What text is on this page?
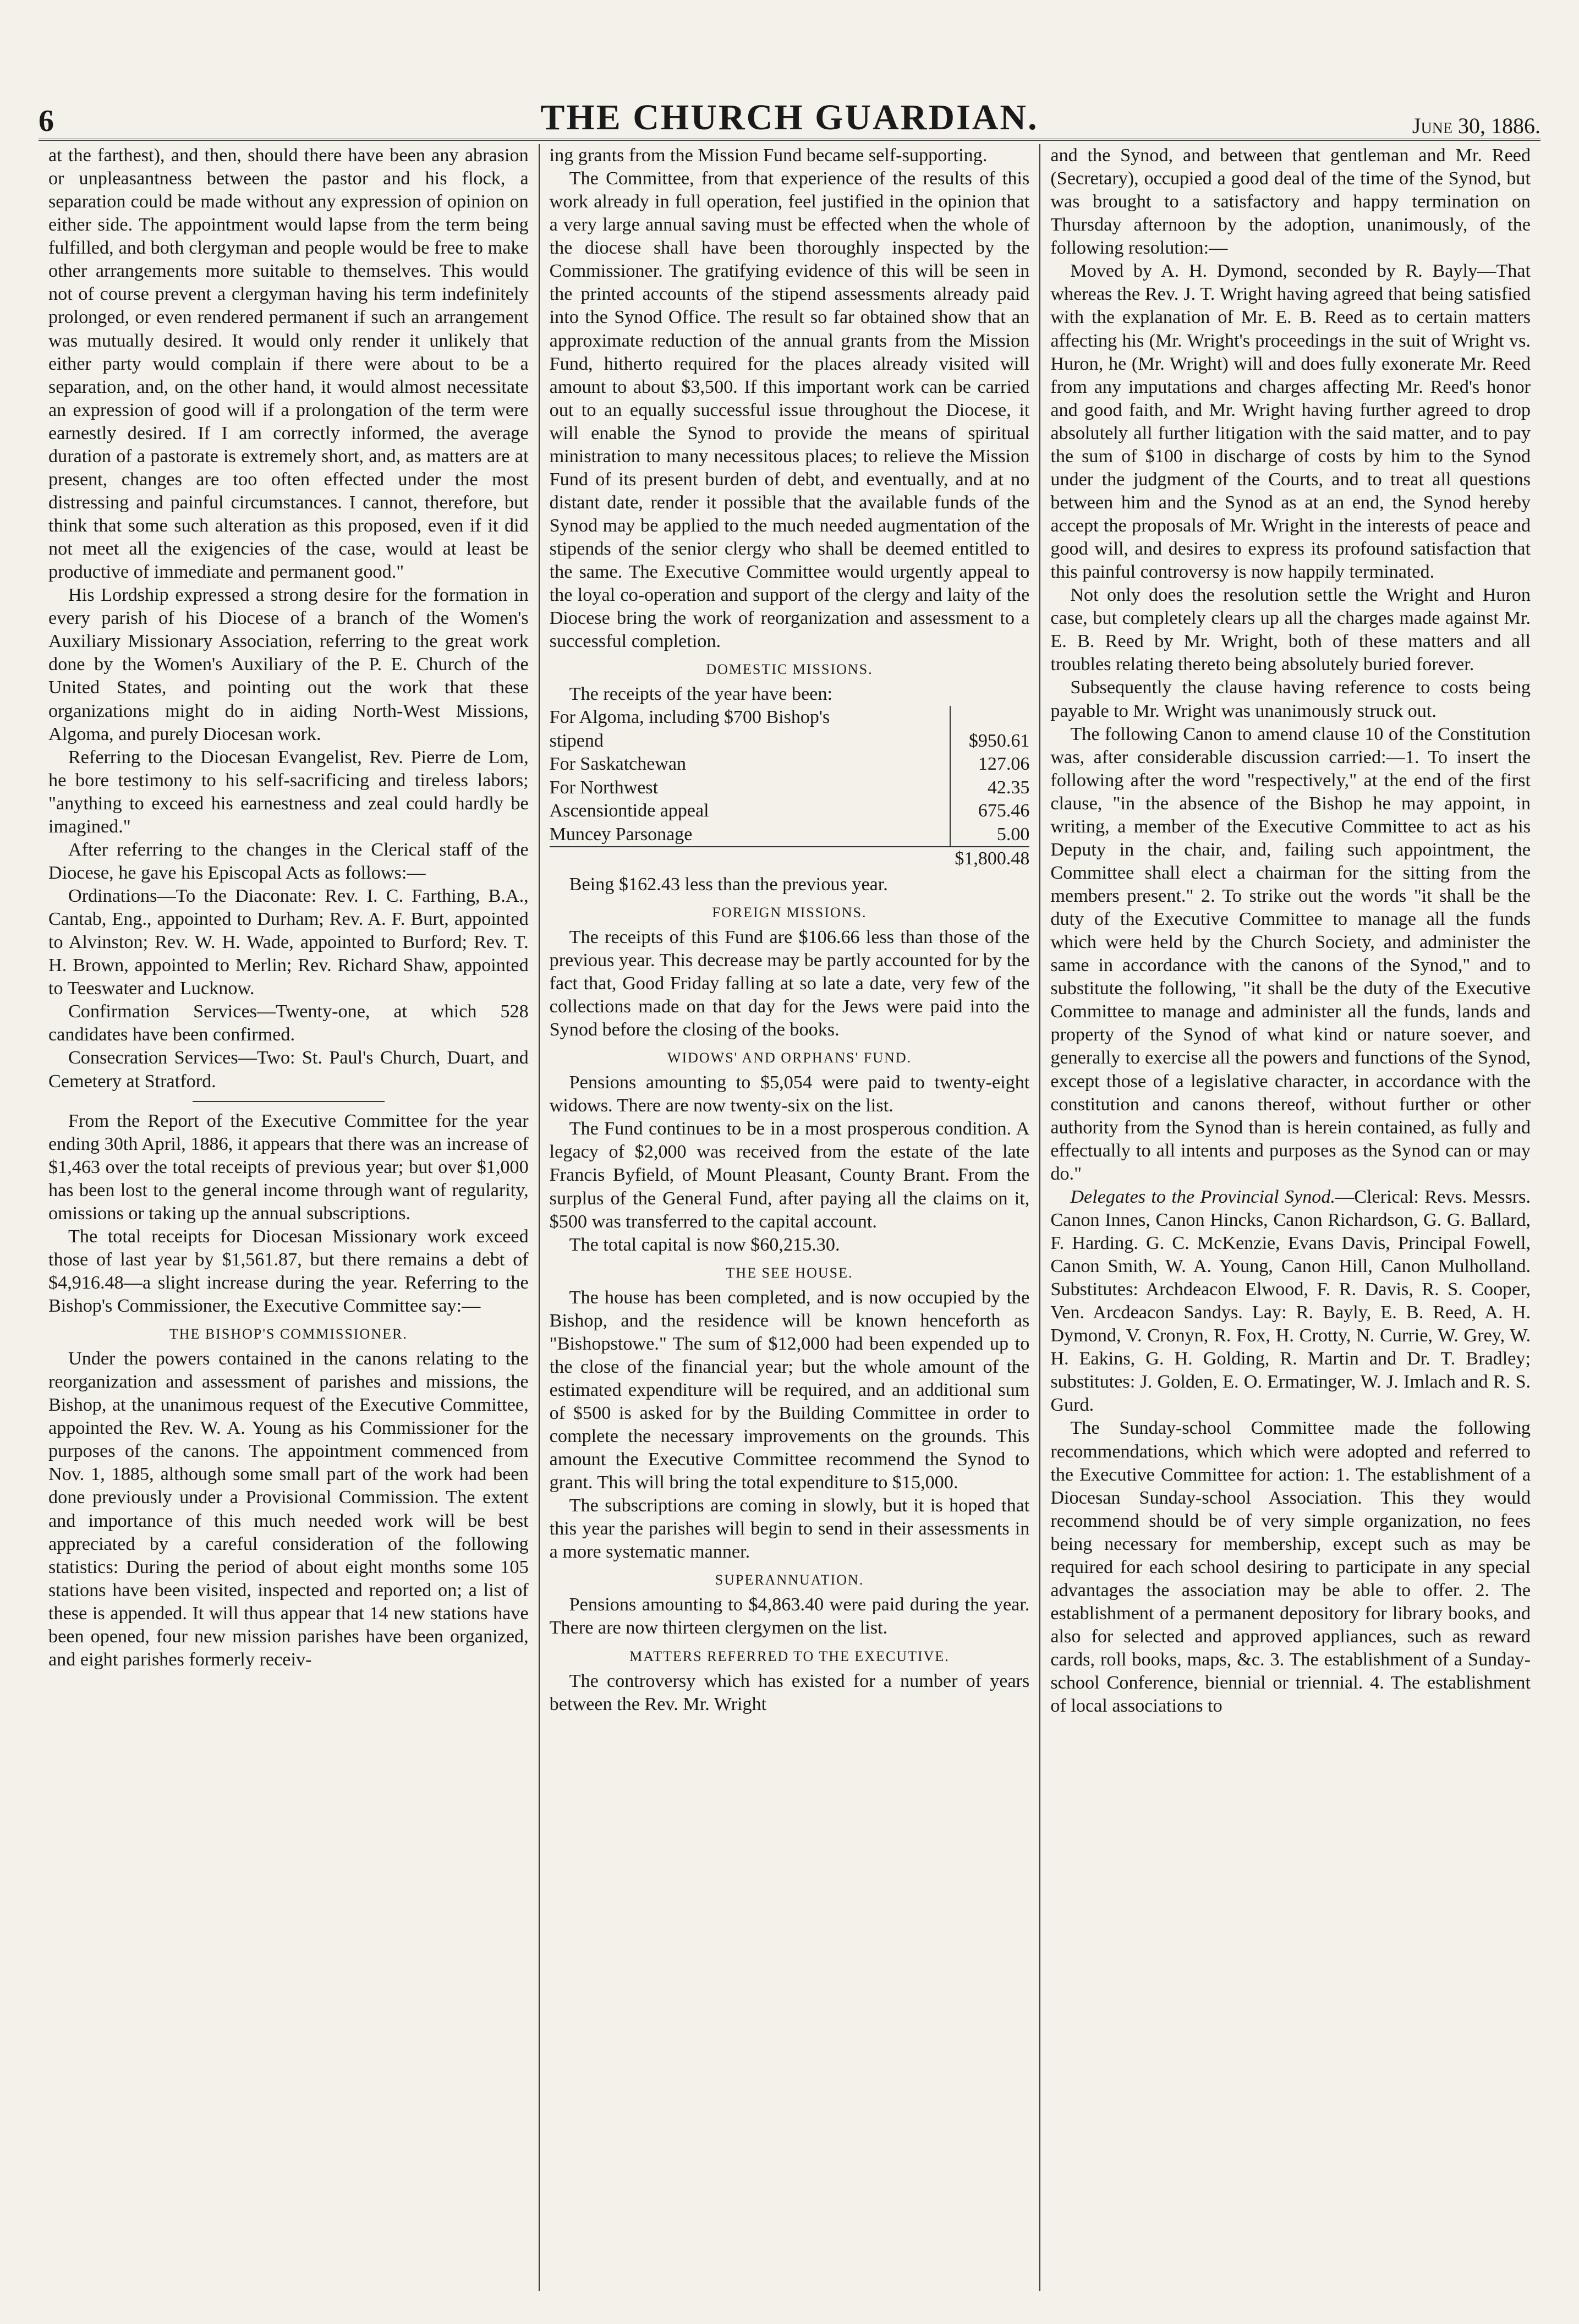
6	THE CHURCH GUARDIAN.	June 30, 1886.

at the farthest), and then, should there have been any abrasion or unpleasantness between the pastor and his flock, a separation could be made without any expression of opinion on either side. The appointment would lapse from the term being fulfilled, and both clergyman and people would be free to make other arrangements more suitable to themselves. This would not of course prevent a clergyman having his term indefinitely prolonged, or even rendered permanent if such an arrangement was mutually desired. It would only render it unlikely that either party would complain if there were about to be a separation, and, on the other hand, it would almost necessitate an expression of good will if a prolongation of the term were earnestly desired. If I am correctly informed, the average duration of a pastorate is extremely short, and, as matters are at present, changes are too often effected under the most distressing and painful circumstances. I cannot, therefore, but think that some such alteration as this proposed, even if it did not meet all the exigencies of the case, would at least be productive of immediate and permanent good."

His Lordship expressed a strong desire for the formation in every parish of his Diocese of a branch of the Women's Auxiliary Missionary Association, referring to the great work done by the Women's Auxiliary of the P. E. Church of the United States, and pointing out the work that these organizations might do in aiding North-West Missions, Algoma, and purely Diocesan work.

Referring to the Diocesan Evangelist, Rev. Pierre de Lom, he bore testimony to his self-sacrificing and tireless labors; "anything to exceed his earnestness and zeal could hardly be imagined."

After referring to the changes in the Clerical staff of the Diocese, he gave his Episcopal Acts as follows:—

Ordinations—To the Diaconate: Rev. I. C. Farthing, B.A., Cantab, Eng., appointed to Durham; Rev. A. F. Burt, appointed to Alvinston; Rev. W. H. Wade, appointed to Burford; Rev. T. H. Brown, appointed to Merlin; Rev. Richard Shaw, appointed to Teeswater and Lucknow.

Confirmation Services—Twenty-one, at which 528 candidates have been confirmed.

Consecration Services—Two: St. Paul's Church, Duart, and Cemetery at Stratford.

From the Report of the Executive Committee for the year ending 30th April, 1886, it appears that there was an increase of $1,463 over the total receipts of previous year; but over $1,000 has been lost to the general income through want of regularity, omissions or taking up the annual subscriptions.

The total receipts for Diocesan Missionary work exceed those of last year by $1,561.87, but there remains a debt of $4,916.48—a slight increase during the year. Referring to the Bishop's Commissioner, the Executive Committee say:—

THE BISHOP'S COMMISSIONER.

Under the powers contained in the canons relating to the reorganization and assessment of parishes and missions, the Bishop, at the unanimous request of the Executive Committee, appointed the Rev. W. A. Young as his Commissioner for the purposes of the canons. The appointment commenced from Nov. 1, 1885, although some small part of the work had been done previously under a Provisional Commission. The extent and importance of this much needed work will be best appreciated by a careful consideration of the following statistics: During the period of about eight months some 105 stations have been visited, inspected and reported on; a list of these is appended. It will thus appear that 14 new stations have been opened, four new mission parishes have been organized, and eight parishes formerly receiv-

ing grants from the Mission Fund became self-supporting.

The Committee, from that experience of the results of this work already in full operation, feel justified in the opinion that a very large annual saving must be effected when the whole of the diocese shall have been thoroughly inspected by the Commissioner. The gratifying evidence of this will be seen in the printed accounts of the stipend assessments already paid into the Synod Office. The result so far obtained show that an approximate reduction of the annual grants from the Mission Fund, hitherto required for the places already visited will amount to about $3,500. If this important work can be carried out to an equally successful issue throughout the Diocese, it will enable the Synod to provide the means of spiritual ministration to many necessitous places; to relieve the Mission Fund of its present burden of debt, and eventually, and at no distant date, render it possible that the available funds of the Synod may be applied to the much needed augmentation of the stipends of the senior clergy who shall be deemed entitled to the same. The Executive Committee would urgently appeal to the loyal co-operation and support of the clergy and laity of the Diocese bring the work of reorganization and assessment to a successful completion.

DOMESTIC MISSIONS.

The receipts of the year have been:

For Algoma, including $700 Bishop's	
stipend	$950.61
For Saskatchewan	127.06
For Northwest	42.35
Ascensiontide appeal	675.46
Muncey Parsonage	5.00
	$1,800.48

Being $162.43 less than the previous year.

FOREIGN MISSIONS.

The receipts of this Fund are $106.66 less than those of the previous year. This decrease may be partly accounted for by the fact that, Good Friday falling at so late a date, very few of the collections made on that day for the Jews were paid into the Synod before the closing of the books.

WIDOWS' AND ORPHANS' FUND.

Pensions amounting to $5,054 were paid to twenty-eight widows. There are now twenty-six on the list.

The Fund continues to be in a most prosperous condition. A legacy of $2,000 was received from the estate of the late Francis Byfield, of Mount Pleasant, County Brant. From the surplus of the General Fund, after paying all the claims on it, $500 was transferred to the capital account.

The total capital is now $60,215.30.

THE SEE HOUSE.

The house has been completed, and is now occupied by the Bishop, and the residence will be known henceforth as "Bishopstowe." The sum of $12,000 had been expended up to the close of the financial year; but the whole amount of the estimated expenditure will be required, and an additional sum of $500 is asked for by the Building Committee in order to complete the necessary improvements on the grounds. This amount the Executive Committee recommend the Synod to grant. This will bring the total expenditure to $15,000.

The subscriptions are coming in slowly, but it is hoped that this year the parishes will begin to send in their assessments in a more systematic manner.

SUPERANNUATION.

Pensions amounting to $4,863.40 were paid during the year. There are now thirteen clergymen on the list.

MATTERS REFERRED TO THE EXECUTIVE.

The controversy which has existed for a number of years between the Rev. Mr. Wright

and the Synod, and between that gentleman and Mr. Reed (Secretary), occupied a good deal of the time of the Synod, but was brought to a satisfactory and happy termination on Thursday afternoon by the adoption, unanimously, of the following resolution:—

Moved by A. H. Dymond, seconded by R. Bayly—That whereas the Rev. J. T. Wright having agreed that being satisfied with the explanation of Mr. E. B. Reed as to certain matters affecting his (Mr. Wright's proceedings in the suit of Wright vs. Huron, he (Mr. Wright) will and does fully exonerate Mr. Reed from any imputations and charges affecting Mr. Reed's honor and good faith, and Mr. Wright having further agreed to drop absolutely all further litigation with the said matter, and to pay the sum of $100 in discharge of costs by him to the Synod under the judgment of the Courts, and to treat all questions between him and the Synod as at an end, the Synod hereby accept the proposals of Mr. Wright in the interests of peace and good will, and desires to express its profound satisfaction that this painful controversy is now happily terminated.

Not only does the resolution settle the Wright and Huron case, but completely clears up all the charges made against Mr. E. B. Reed by Mr. Wright, both of these matters and all troubles relating thereto being absolutely buried forever.

Subsequently the clause having reference to costs being payable to Mr. Wright was unanimously struck out.

The following Canon to amend clause 10 of the Constitution was, after considerable discussion carried:—1. To insert the following after the word "respectively," at the end of the first clause, "in the absence of the Bishop he may appoint, in writing, a member of the Executive Committee to act as his Deputy in the chair, and, failing such appointment, the Committee shall elect a chairman for the sitting from the members present." 2. To strike out the words "it shall be the duty of the Executive Committee to manage all the funds which were held by the Church Society, and administer the same in accordance with the canons of the Synod," and to substitute the following, "it shall be the duty of the Executive Committee to manage and administer all the funds, lands and property of the Synod of what kind or nature soever, and generally to exercise all the powers and functions of the Synod, except those of a legislative character, in accordance with the constitution and canons thereof, without further or other authority from the Synod than is herein contained, as fully and effectually to all intents and purposes as the Synod can or may do."

Delegates to the Provincial Synod.—Clerical: Revs. Messrs. Canon Innes, Canon Hincks, Canon Richardson, G. G. Ballard, F. Harding. G. C. McKenzie, Evans Davis, Principal Fowell, Canon Smith, W. A. Young, Canon Hill, Canon Mulholland. Substitutes: Archdeacon Elwood, F. R. Davis, R. S. Cooper, Ven. Arcdeacon Sandys. Lay: R. Bayly, E. B. Reed, A. H. Dymond, V. Cronyn, R. Fox, H. Crotty, N. Currie, W. Grey, W. H. Eakins, G. H. Golding, R. Martin and Dr. T. Bradley; substitutes: J. Golden, E. O. Ermatinger, W. J. Imlach and R. S. Gurd.

The Sunday-school Committee made the following recommendations, which which were adopted and referred to the Executive Committee for action: 1. The establishment of a Diocesan Sunday-school Association. This they would recommend should be of very simple organization, no fees being necessary for membership, except such as may be required for each school desiring to participate in any special advantages the association may be able to offer. 2. The establishment of a permanent depository for library books, and also for selected and approved appliances, such as reward cards, roll books, maps, &c. 3. The establishment of a Sunday-school Conference, biennial or triennial. 4. The establishment of local associations to
